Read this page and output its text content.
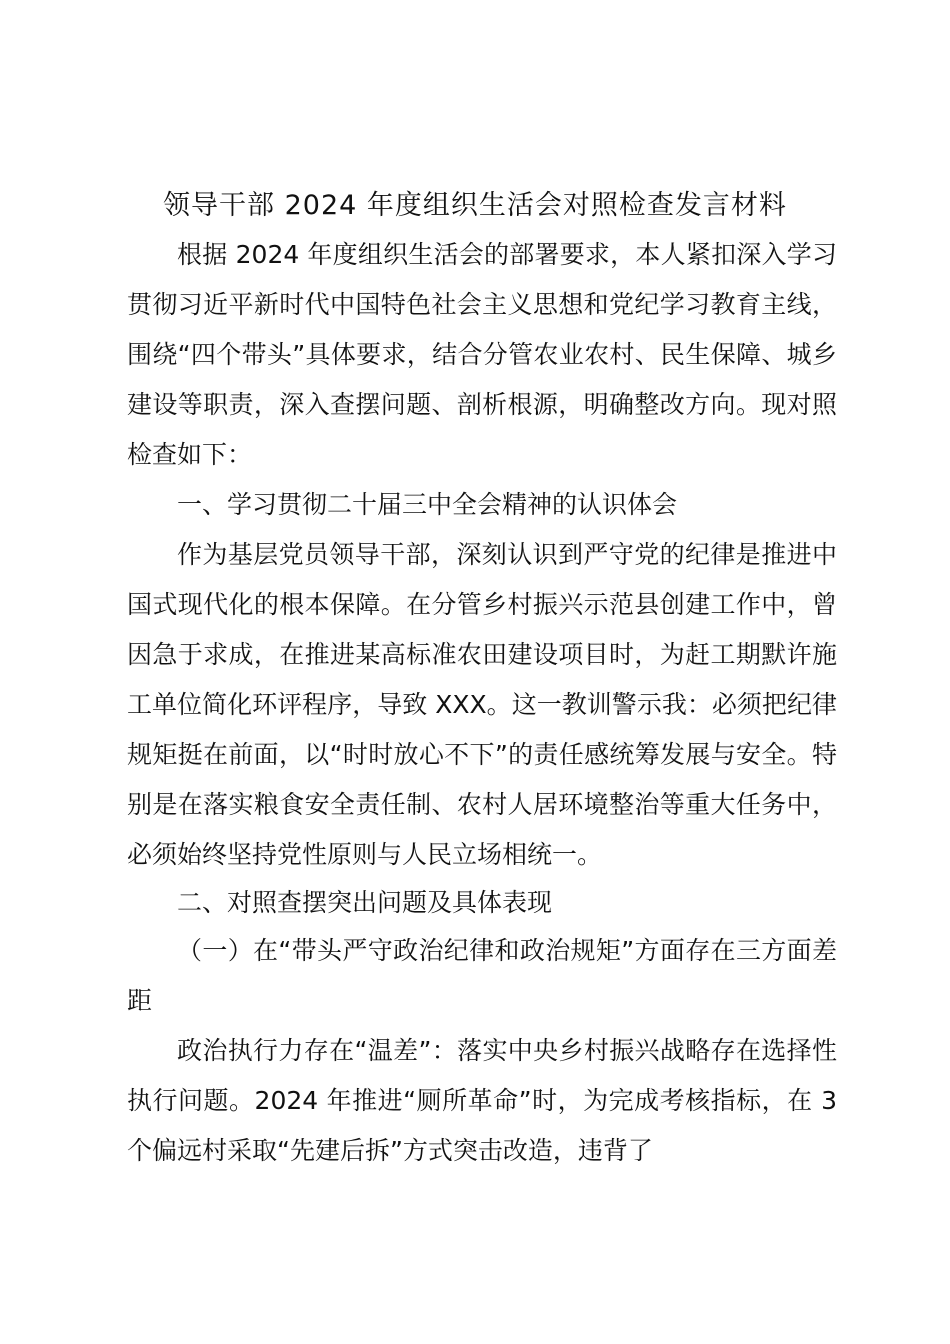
领导干部 2024 年度组织生活会对照检查发言材料

根据 2024 年度组织生活会的部署要求，本人紧扣深入学习贯彻习近平新时代中国特色社会主义思想和党纪学习教育主线，围绕“四个带头”具体要求，结合分管农业农村、民生保障、城乡建设等职责，深入查摆问题、剖析根源，明确整改方向。现对照检查如下：

一、学习贯彻二十届三中全会精神的认识体会

作为基层党员领导干部，深刻认识到严守党的纪律是推进中国式现代化的根本保障。在分管乡村振兴示范县创建工作中，曾因急于求成，在推进某高标准农田建设项目时，为赶工期默许施工单位简化环评程序，导致 XXX。这一教训警示我：必须把纪律规矩挺在前面，以“时时放心不下”的责任感统筹发展与安全。特别是在落实粮食安全责任制、农村人居环境整治等重大任务中，必须始终坚持党性原则与人民立场相统一。

二、对照查摆突出问题及具体表现

（一）在“带头严守政治纪律和政治规矩”方面存在三方面差距

政治执行力存在“温差”：落实中央乡村振兴战略存在选择性执行问题。2024 年推进“厕所革命”时，为完成考核指标，在 3 个偏远村采取“先建后拆”方式突击改造，违背了
